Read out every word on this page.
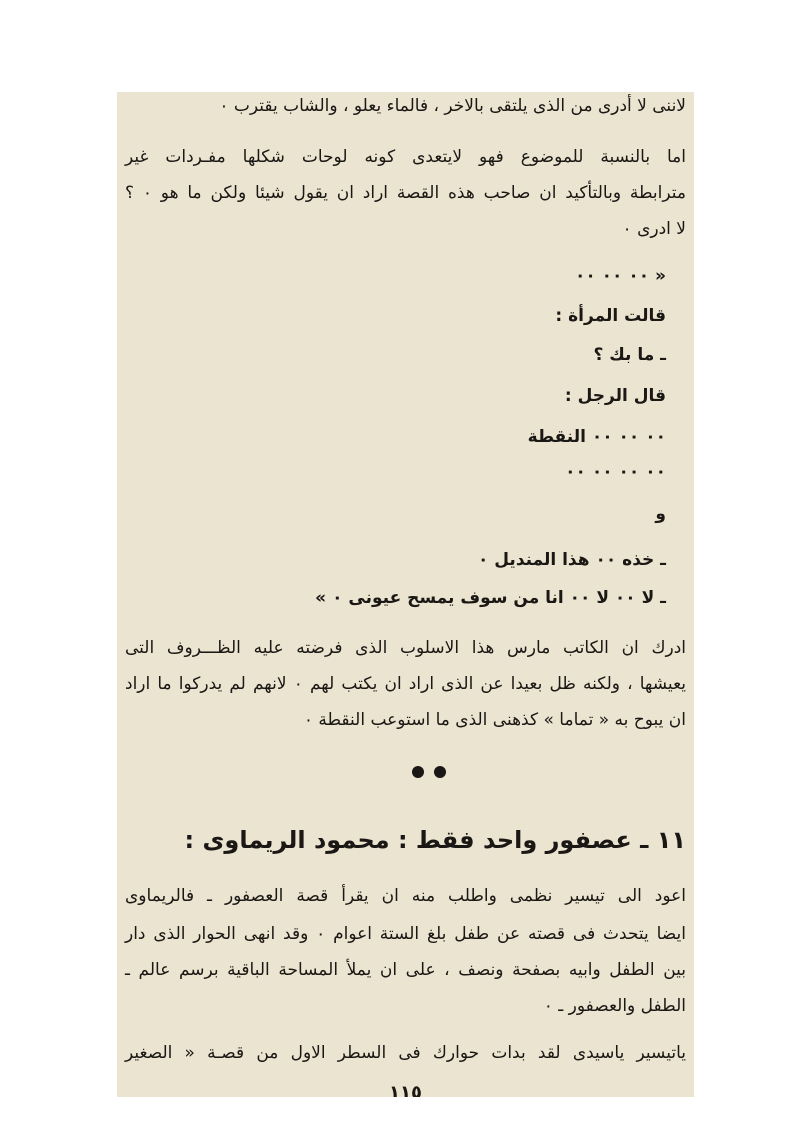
لاننى لا أدرى من الذى يلتقى بالاخر ، فالماء يعلو ، والشاب يقترب ٠
اما بالنسبة للموضوع فهو لايتعدى كونه لوحات شكلها مفـردات غير
مترابطة وبالتأكيد ان صاحب هذه القصة اراد ان يقول شيئا ولكن ما هو ٠ ؟
لا ادرى ٠
« ٠٠ ٠٠ ٠٠
قالت المرأة :
ـ ما بك ؟
قال الرجل :
٠٠ ٠٠ ٠٠ النقطة
٠٠ ٠٠ ٠٠ ٠٠
و
ـ خذه ٠٠ هذا المنديل ٠
ـ لا ٠٠ لا ٠٠ انا من سوف يمسح عيونى ٠ »
ادرك ان الكاتب مارس هذا الاسلوب الذى فرضته عليه الظـــروف التى
يعيشها ، ولكنه ظل بعيدا عن الذى اراد ان يكتب لهم ٠ لانهم لم يدركوا ما اراد
ان يبوح به « تماما » كذهنى الذى ما استوعب النقطة ٠
١١ ـ عصفور واحد فقط : محمود الريماوى :
اعود الى تيسير نظمى واطلب منه ان يقرأ قصة العصفور ـ فالريماوى
ايضا يتحدث فى قصته عن طفل بلغ الستة اعوام ٠ وقد انهى الحوار الذى دار
بين الطفل وابيه بصفحة ونصف ، على ان يملأ المساحة الباقية برسم عالم ـ
الطفل والعصفور ـ ٠
ياتيسير ياسيدى لقد بدات حوارك فى السطر الاول من قصـة « الصغير
١١٥
